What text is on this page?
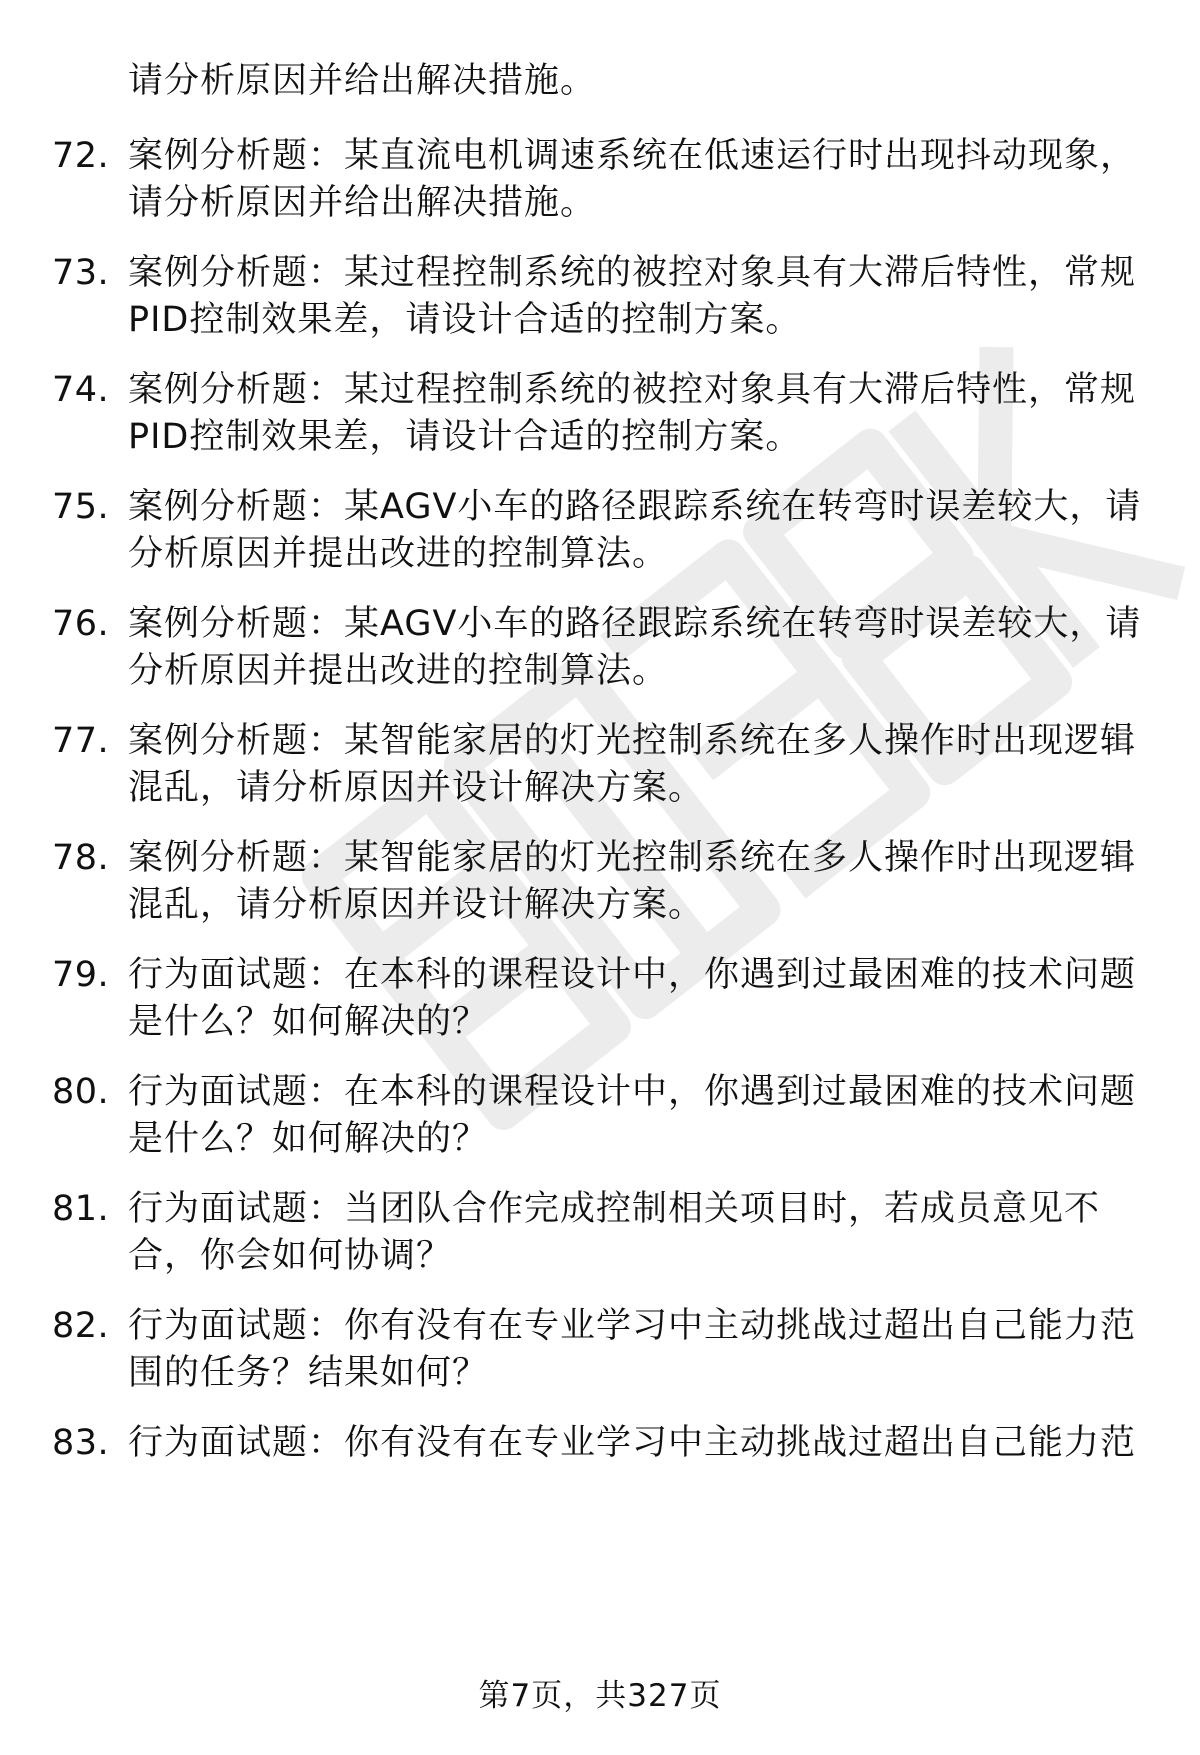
请分析原因并给出解决措施。
72. 案例分析题：某直流电机调速系统在低速运行时出现抖动现象，
请分析原因并给出解决措施。
73. 案例分析题：某过程控制系统的被控对象具有大滞后特性，常规
PID控制效果差，请设计合适的控制方案。
74. 案例分析题：某过程控制系统的被控对象具有大滞后特性，常规
PID控制效果差，请设计合适的控制方案。
75. 案例分析题：某AGV小车的路径跟踪系统在转弯时误差较大，请
分析原因并提出改进的控制算法。
76. 案例分析题：某AGV小车的路径跟踪系统在转弯时误差较大，请
分析原因并提出改进的控制算法。
77. 案例分析题：某智能家居的灯光控制系统在多人操作时出现逻辑
混乱，请分析原因并设计解决方案。
78. 案例分析题：某智能家居的灯光控制系统在多人操作时出现逻辑
混乱，请分析原因并设计解决方案。
79. 行为面试题：在本科的课程设计中，你遇到过最困难的技术问题
是什么？如何解决的？
80. 行为面试题：在本科的课程设计中，你遇到过最困难的技术问题
是什么？如何解决的？
81. 行为面试题：当团队合作完成控制相关项目时，若成员意见不
合，你会如何协调？
82. 行为面试题：你有没有在专业学习中主动挑战过超出自己能力范
围的任务？结果如何？
83. 行为面试题：你有没有在专业学习中主动挑战过超出自己能力范
第7页，共327页
